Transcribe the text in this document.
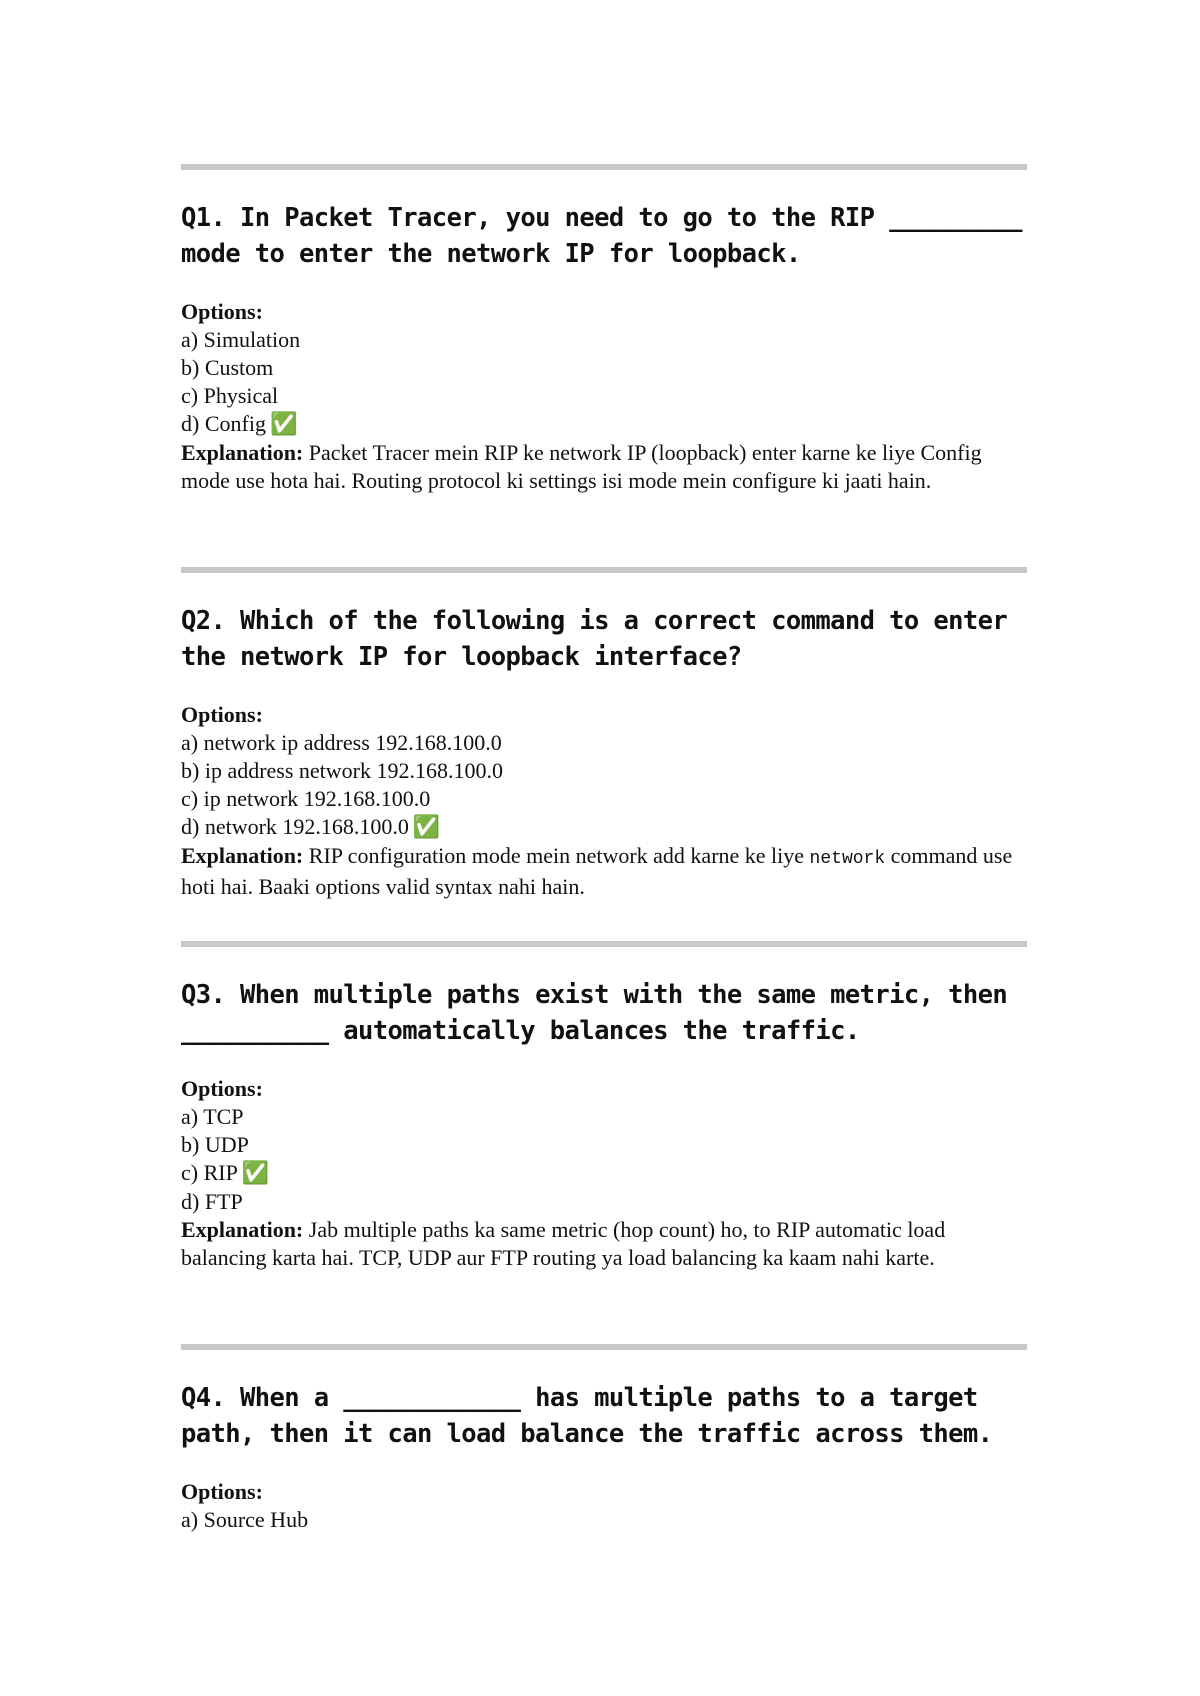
Q1. In Packet Tracer, you need to go to the RIP _________ mode to enter the network IP for loopback.
Options:
a) Simulation
b) Custom
c) Physical
d) Config ✅
Explanation: Packet Tracer mein RIP ke network IP (loopback) enter karne ke liye Config mode use hota hai. Routing protocol ki settings isi mode mein configure ki jaati hain.
Q2. Which of the following is a correct command to enter the network IP for loopback interface?
Options:
a) network ip address 192.168.100.0
b) ip address network 192.168.100.0
c) ip network 192.168.100.0
d) network 192.168.100.0 ✅
Explanation: RIP configuration mode mein network add karne ke liye network command use hoti hai. Baaki options valid syntax nahi hain.
Q3. When multiple paths exist with the same metric, then __________ automatically balances the traffic.
Options:
a) TCP
b) UDP
c) RIP ✅
d) FTP
Explanation: Jab multiple paths ka same metric (hop count) ho, to RIP automatic load balancing karta hai. TCP, UDP aur FTP routing ya load balancing ka kaam nahi karte.
Q4. When a ____________ has multiple paths to a target path, then it can load balance the traffic across them.
Options:
a) Source Hub
